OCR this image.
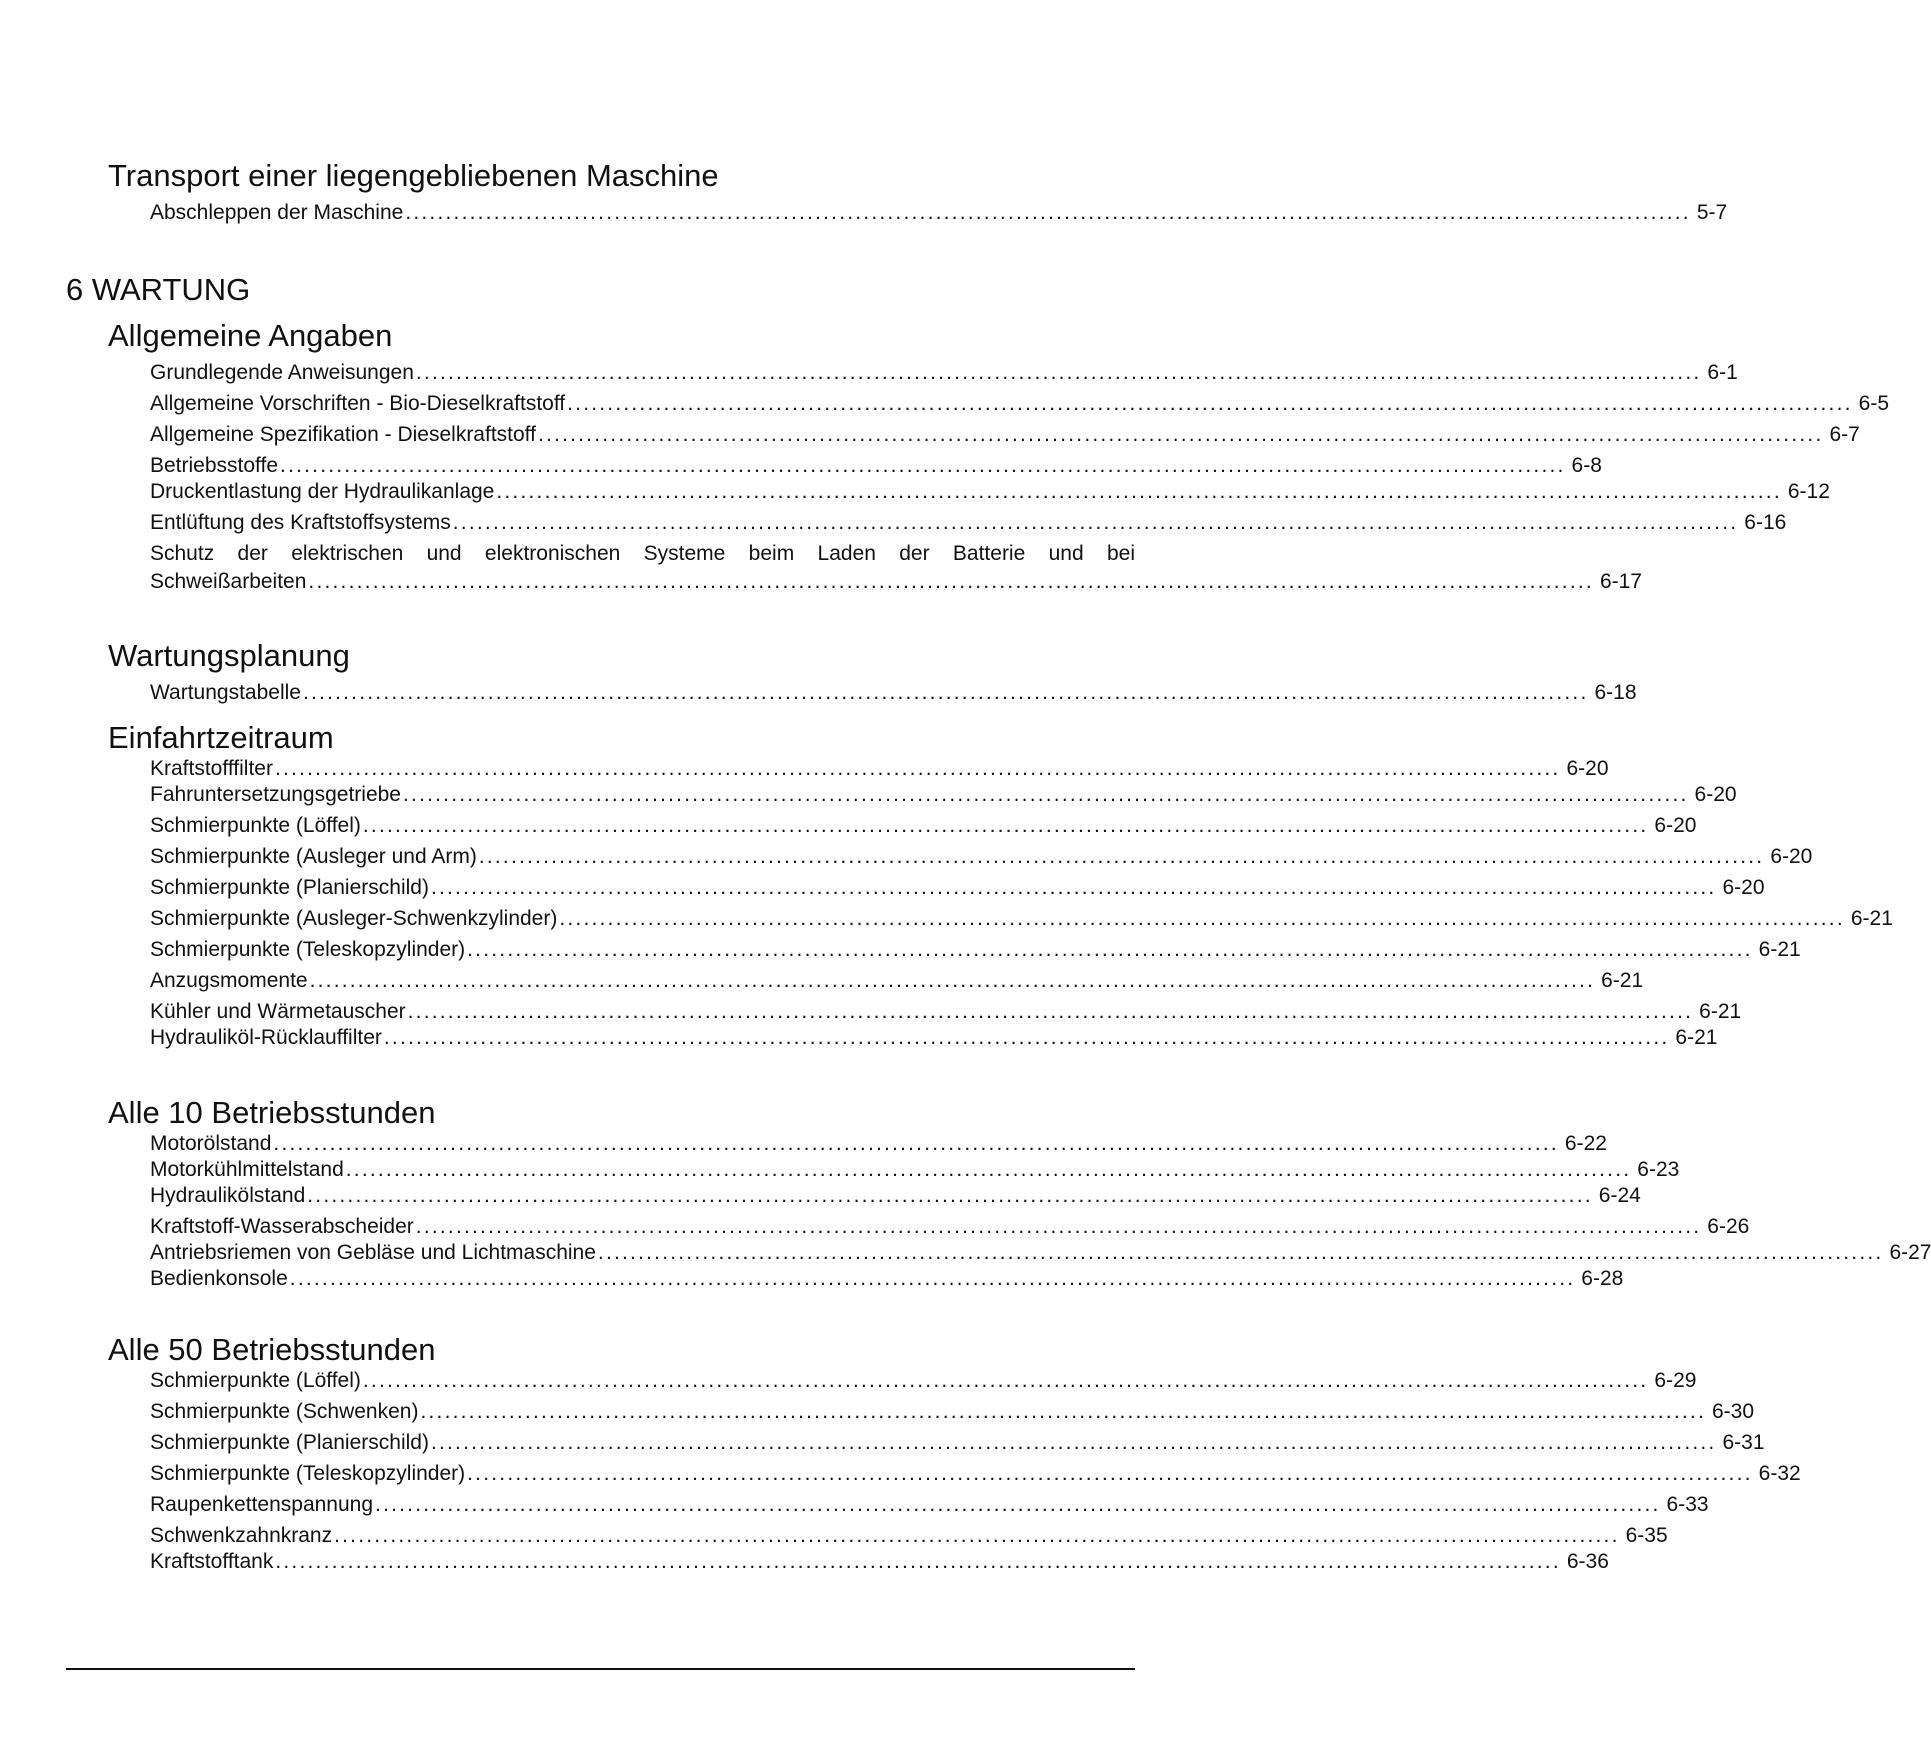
Transport einer liegengebliebenen Maschine
Abschleppen der Maschine ................................................................................................................................................................ 5-7
6 WARTUNG
Allgemeine Angaben
Grundlegende Anweisungen ................................................................................................................................................................ 6-1
Allgemeine Vorschriften - Bio-Dieselkraftstoff ................................................................................................................................................................ 6-5
Allgemeine Spezifikation - Dieselkraftstoff ................................................................................................................................................................ 6-7
Betriebsstoffe ................................................................................................................................................................ 6-8
Druckentlastung der Hydraulikanlage ................................................................................................................................................................ 6-12
Entlüftung des Kraftstoffsystems ................................................................................................................................................................ 6-16
Schutz der elektrischen und elektronischen Systeme beim Laden der Batterie und bei
Schweißarbeiten ................................................................................................................................................................ 6-17
Wartungsplanung
Wartungstabelle ................................................................................................................................................................ 6-18
Einfahrtzeitraum
Kraftstofffilter ................................................................................................................................................................ 6-20
Fahruntersetzungsgetriebe ................................................................................................................................................................ 6-20
Schmierpunkte (Löffel) ................................................................................................................................................................ 6-20
Schmierpunkte (Ausleger und Arm) ................................................................................................................................................................ 6-20
Schmierpunkte (Planierschild) ................................................................................................................................................................ 6-20
Schmierpunkte (Ausleger-Schwenkzylinder) ................................................................................................................................................................ 6-21
Schmierpunkte (Teleskopzylinder) ................................................................................................................................................................ 6-21
Anzugsmomente ................................................................................................................................................................ 6-21
Kühler und Wärmetauscher ................................................................................................................................................................ 6-21
Hydrauliköl-Rücklauffilter ................................................................................................................................................................ 6-21
Alle 10 Betriebsstunden
Motorölstand ................................................................................................................................................................ 6-22
Motorkühlmittelstand ................................................................................................................................................................ 6-23
Hydraulikölstand ................................................................................................................................................................ 6-24
Kraftstoff-Wasserabscheider ................................................................................................................................................................ 6-26
Antriebsriemen von Gebläse und Lichtmaschine ................................................................................................................................................................ 6-27
Bedienkonsole ................................................................................................................................................................ 6-28
Alle 50 Betriebsstunden
Schmierpunkte (Löffel) ................................................................................................................................................................ 6-29
Schmierpunkte (Schwenken) ................................................................................................................................................................ 6-30
Schmierpunkte (Planierschild) ................................................................................................................................................................ 6-31
Schmierpunkte (Teleskopzylinder) ................................................................................................................................................................ 6-32
Raupenkettenspannung ................................................................................................................................................................ 6-33
Schwenkzahnkranz ................................................................................................................................................................ 6-35
Kraftstofftank ................................................................................................................................................................ 6-36
